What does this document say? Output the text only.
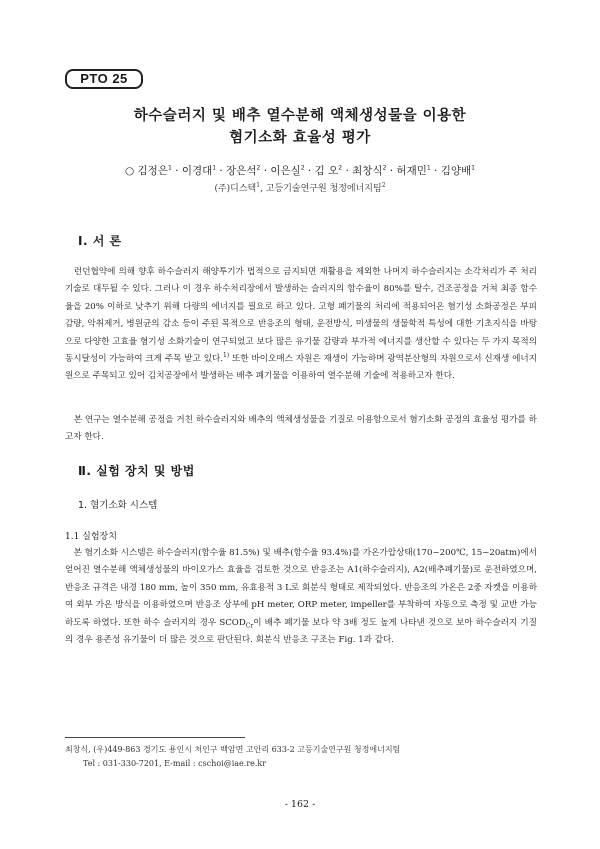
PTO 25
하수슬러지 및 배추 열수분해 액체생성물을 이용한
혐기소화 효율성 평가
○ 김정은$^1$ · 이경대$^1$ · 장은석$^2$ · 이은실$^2$ · 김 오$^2$ · 최창식$^2$ · 허재민$^1$ · 김양배$^1$
(주)디스텍$^1$, 고등기술연구원 청정에너지팀$^2$
Ⅰ. 서 론

　런던협약에 의해 향후 하수슬러지 해양투기가 법적으로 금지되면 재활용을 제외한 나머지 하수슬러지는 소각처리가 주 처리기술로 대두될 수 있다. 그러나 이 경우 하수처리장에서 발생하는 슬러지의 함수율이 80%를 탈수, 건조공정을 거쳐 최종 함수율을 20% 이하로 낮추기 위해 다량의 에너지를 필요로 하고 있다. 고형 폐기물의 처리에 적용되어온 혐기성 소화공정은 부피감량, 악취제거, 병원균의 감소 등이 주된 목적으로 반응조의 형태, 운전방식, 미생물의 생물학적 특성에 대한 기초지식을 바탕으로 다양한 고효율 혐기성 소화기술이 연구되었고 보다 많은 유기물 감량과 부가적 에너지를 생산할 수 있다는 두 가지 목적의 동시달성이 가능하여 크게 주목 받고 있다.$^{1)}$ 또한 바이오매스 자원은 재생이 가능하며 광역분산형의 자원으로서 신재생 에너지원으로 주목되고 있어 김치공장에서 발생하는 배추 폐기물을 이용하여 열수분해 기술에 적용하고자 한다.

　본 연구는 열수분해 공정을 거친 하수슬러지와 배추의 액체생성물을 기질로 이용함으로서 혐기소화 공정의 효율성 평가를 하고자 한다.

Ⅱ. 실험 장치 및 방법
1. 혐기소화 시스템
1.1 실험장치

　본 혐기소화 시스템은 하수슬러지(함수율 81.5%) 및 배추(함수율 93.4%)를 가온가압상태(170~200℃, 15~20atm)에서 얻어진 열수분해 액체생성물의 바이오가스 효율을 검토한 것으로 반응조는 A1(하수슬러지), A2(배추폐기물)로 운전하였으며, 반응조 규격은 내경 180 mm, 높이 350 mm, 유효용적 3 L로 회분식 형태로 제작되었다. 반응조의 가온은 2중 자켓을 이용하여 외부 가온 방식을 이용하였으며 반응조 상부에 pH meter, ORP meter, impeller를 부착하여 자동으로 측정 및 교반 가능하도록 하였다. 또한 하수 슬러지의 경우 $SCOD_{Cr}$이 배추 폐기물 보다 약 3배 정도 높게 나타낸 것으로 보아 하수슬러지 기질의 경우 용존성 유기물이 더 많은 것으로 판단된다. 회분식 반응조 구조는 Fig. 1과 같다.

최창식, (우)449-863 경기도 용인시 처인구 백암면 고안리 633-2 고등기술연구원 청정에너지팀
Tel : 031-330-7201, E-mail : cschoi@iae.re.kr
- 162 -
